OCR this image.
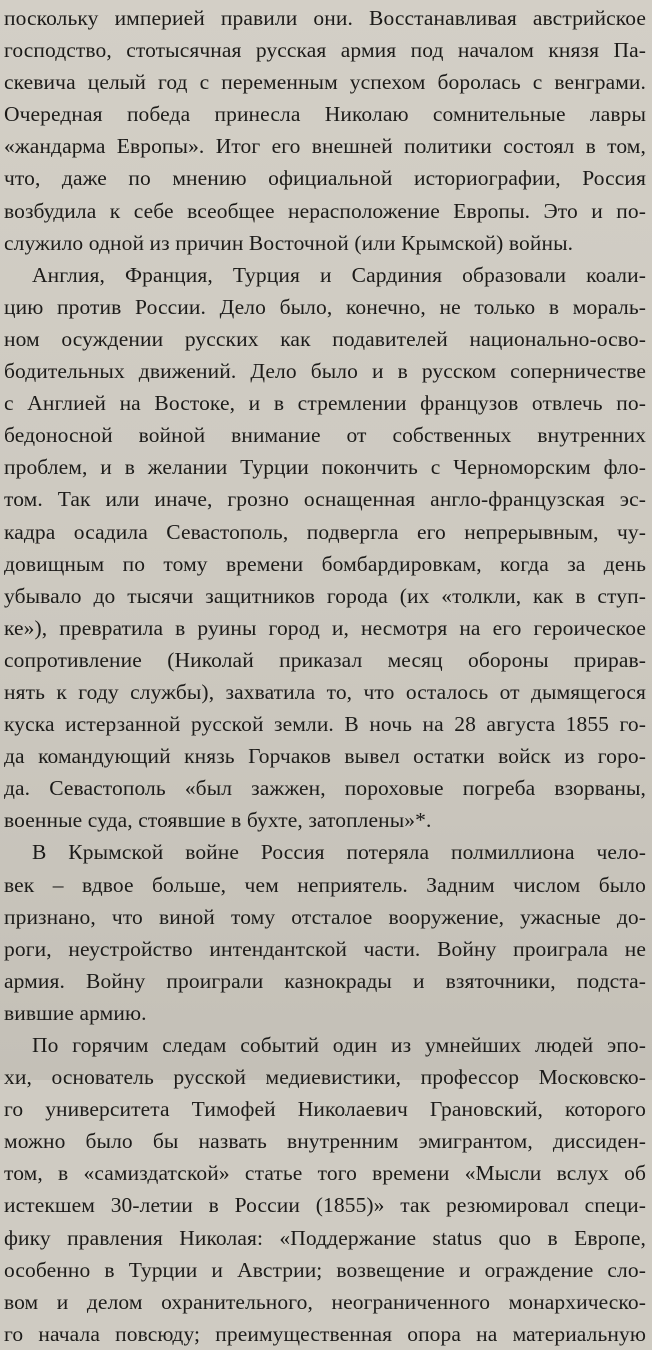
поскольку империей правили они. Восстанавливая австрийское
господство, стотысячная русская армия под началом князя Па-
скевича целый год с переменным успехом боролась с венграми.
Очередная победа принесла Николаю сомнительные лавры
«жандарма Европы». Итог его внешней политики состоял в том,
что, даже по мнению официальной историографии, Россия
возбудила к себе всеобщее нерасположение Европы. Это и по-
служило одной из причин Восточной (или Крымской) войны.
Англия, Франция, Турция и Сардиния образовали коали-
цию против России. Дело было, конечно, не только в мораль-
ном осуждении русских как подавителей национально-осво-
бодительных движений. Дело было и в русском соперничестве
с Англией на Востоке, и в стремлении французов отвлечь по-
бедоносной войной внимание от собственных внутренних
проблем, и в желании Турции покончить с Черноморским фло-
том. Так или иначе, грозно оснащенная англо-французская эс-
кадра осадила Севастополь, подвергла его непрерывным, чу-
довищным по тому времени бомбардировкам, когда за день
убывало до тысячи защитников города (их «толкли, как в ступ-
ке»), превратила в руины город и, несмотря на его героическое
сопротивление (Николай приказал месяц обороны прирав-
нять к году службы), захватила то, что осталось от дымящегося
куска истерзанной русской земли. В ночь на 28 августа 1855 го-
да командующий князь Горчаков вывел остатки войск из горо-
да. Севастополь «был зажжен, пороховые погреба взорваны,
военные суда, стоявшие в бухте, затоплены»*.
В Крымской войне Россия потеряла полмиллиона чело-
век – вдвое больше, чем неприятель. Задним числом было
признано, что виной тому отсталое вооружение, ужасные до-
роги, неустройство интендантской части. Войну проиграла не
армия. Войну проиграли казнокрады и взяточники, подста-
вившие армию.
По горячим следам событий один из умнейших людей эпо-
хи, основатель русской медиевистики, профессор Московско-
го университета Тимофей Николаевич Грановский, которого
можно было бы назвать внутренним эмигрантом, диссиден-
том, в «самиздатской» статье того времени «Мысли вслух об
истекшем 30-летии в России (1855)» так резюмировал специ-
фику правления Николая: «Поддержание status quo в Европе,
особенно в Турции и Австрии; возвещение и ограждение сло-
вом и делом охранительного, неограниченного монархическо-
го начала повсюду; преимущественная опора на материальную
